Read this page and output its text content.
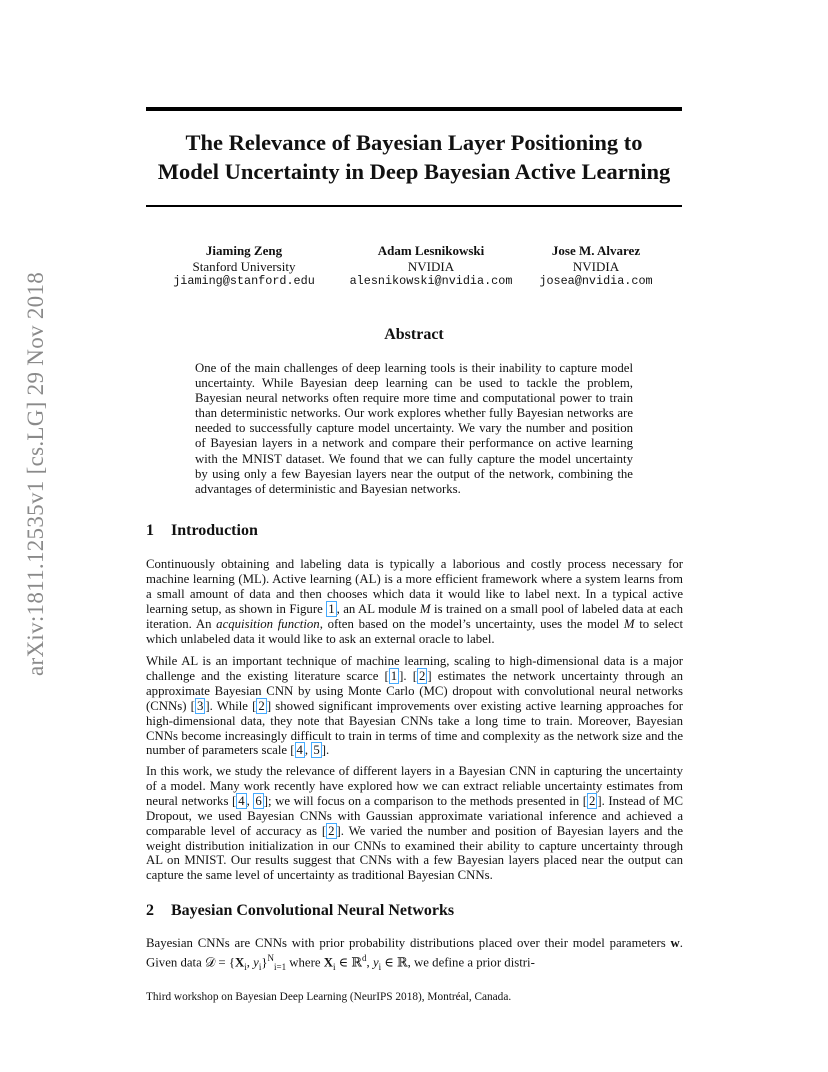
arXiv:1811.12535v1 [cs.LG] 29 Nov 2018
The Relevance of Bayesian Layer Positioning to
Model Uncertainty in Deep Bayesian Active Learning
Jiaming Zeng
Stanford University
jiaming@stanford.edu
Adam Lesnikowski
NVIDIA
alesnikowski@nvidia.com
Jose M. Alvarez
NVIDIA
josea@nvidia.com
Abstract
One of the main challenges of deep learning tools is their inability to capture model uncertainty. While Bayesian deep learning can be used to tackle the problem, Bayesian neural networks often require more time and computational power to train than deterministic networks. Our work explores whether fully Bayesian networks are needed to successfully capture model uncertainty. We vary the number and position of Bayesian layers in a network and compare their performance on active learning with the MNIST dataset. We found that we can fully capture the model uncertainty by using only a few Bayesian layers near the output of the network, combining the advantages of deterministic and Bayesian networks.
1 Introduction
Continuously obtaining and labeling data is typically a laborious and costly process necessary for machine learning (ML). Active learning (AL) is a more efficient framework where a system learns from a small amount of data and then chooses which data it would like to label next. In a typical active learning setup, as shown in Figure 1 , an AL module M is trained on a small pool of labeled data at each iteration. An acquisition function, often based on the model’s uncertainty, uses the model M to select which unlabeled data it would like to ask an external oracle to label.
While AL is an important technique of machine learning, scaling to high-dimensional data is a major challenge and the existing literature scarce [ 1 ]. [ 2 ] estimates the network uncertainty through an approximate Bayesian CNN by using Monte Carlo (MC) dropout with convolutional neural networks (CNNs) [ 3 ]. While [ 2 ] showed significant improvements over existing active learning approaches for high-dimensional data, they note that Bayesian CNNs take a long time to train. Moreover, Bayesian CNNs become increasingly difficult to train in terms of time and complexity as the network size and the number of parameters scale [ 4 , 5 ].
In this work, we study the relevance of different layers in a Bayesian CNN in capturing the uncertainty of a model. Many work recently have explored how we can extract reliable uncertainty estimates from neural networks [ 4 , 6 ]; we will focus on a comparison to the methods presented in [ 2 ]. Instead of MC Dropout, we used Bayesian CNNs with Gaussian approximate variational inference and achieved a comparable level of accuracy as [ 2 ]. We varied the number and position of Bayesian layers and the weight distribution initialization in our CNNs to examined their ability to capture uncertainty through AL on MNIST. Our results suggest that CNNs with a few Bayesian layers placed near the output can capture the same level of uncertainty as traditional Bayesian CNNs.
2 Bayesian Convolutional Neural Networks
Bayesian CNNs are CNNs with prior probability distributions placed over their model parameters w. Given data 𝒟 = {$X_i$, $y_i\}^N_{i=1}$ where $X_i$ ∈ ℝ$^d$, $y_i$ ∈ ℝ, we define a prior distri-
Third workshop on Bayesian Deep Learning (NeurIPS 2018), Montréal, Canada.
